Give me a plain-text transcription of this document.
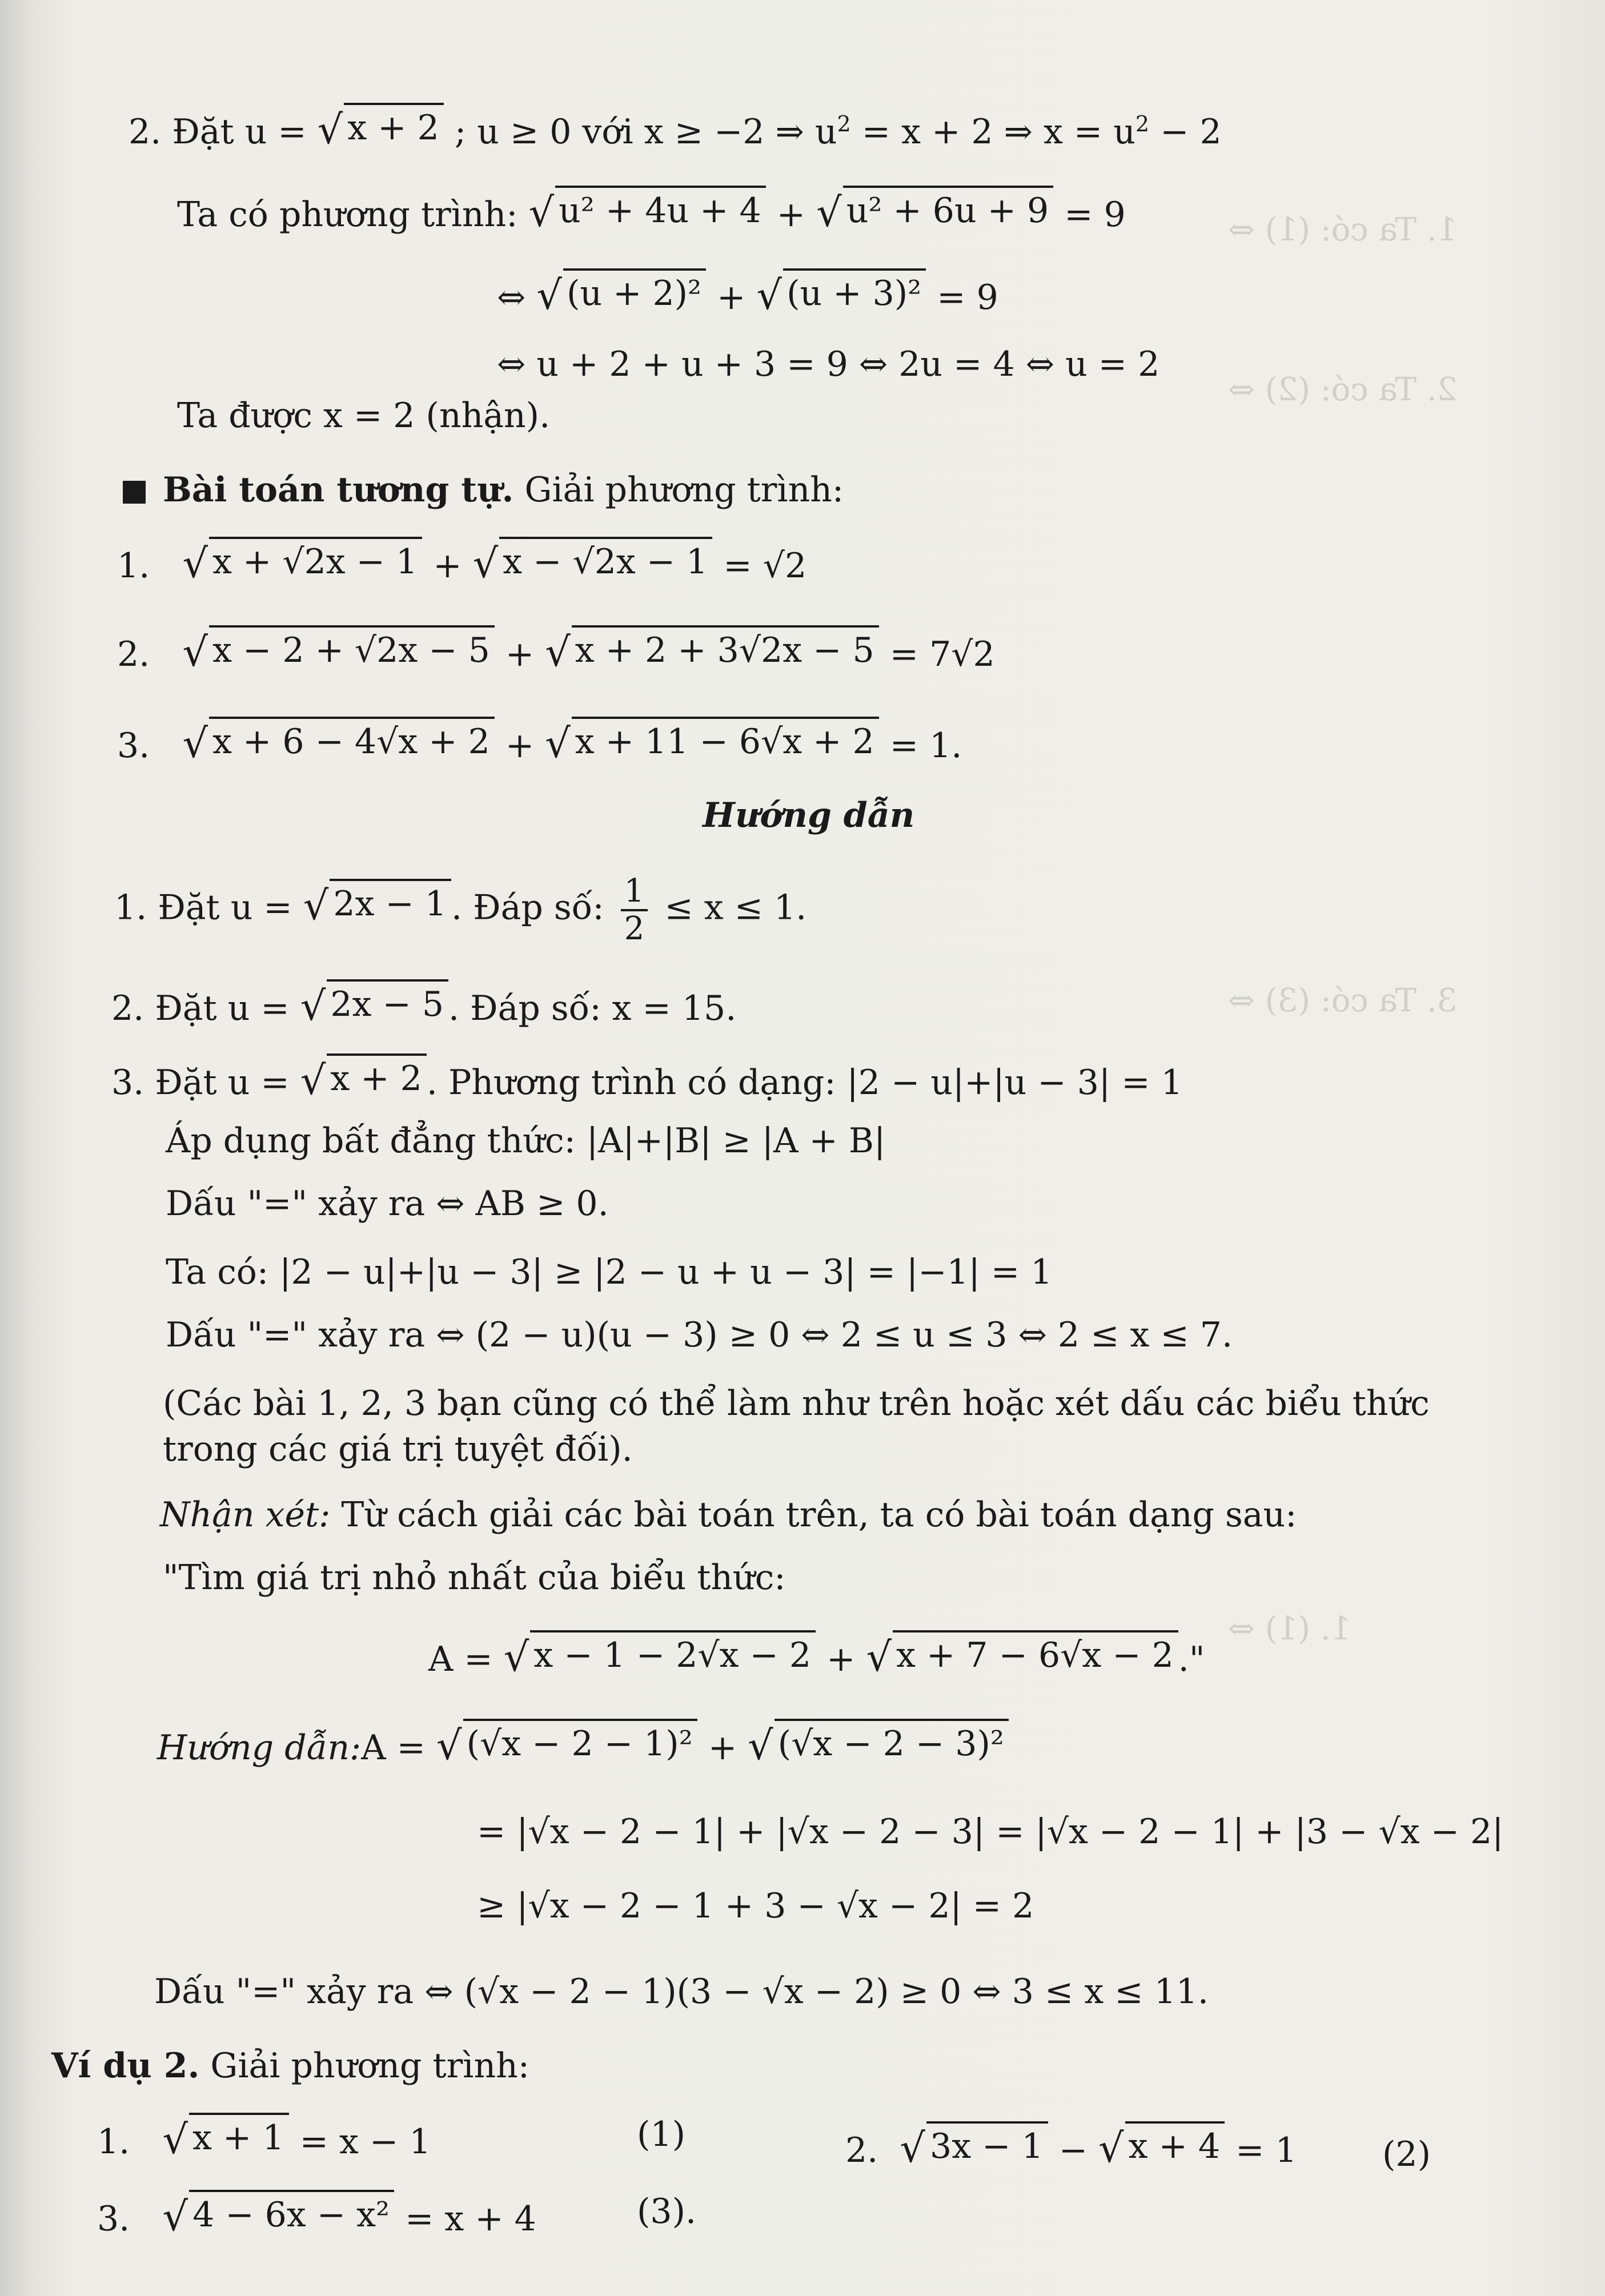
1. Ta có: (1) ⇔
2. Ta có: (2) ⇔
3. Ta có: (3) ⇔
1. (1) ⇔
2. Đặt u = √ x + 2 ; u ≥ 0 với x ≥ −2 ⇒ $u^2 = x + 2$ ⇒ $x = u^2 - 2$
Ta có phương trình: √ u² + 4u + 4 + √ u² + 6u + 9 = 9
⇔ √ (u + 2)² + √ (u + 3)² = 9
⇔ u + 2 + u + 3 = 9 ⇔ 2u = 4 ⇔ u = 2
Ta được x = 2 (nhận).
Bài toán tương tự. Giải phương trình:
1. √ x + √2x − 1 + √ x − √2x − 1 = √2
2. √ x − 2 + √2x − 5 + √ x + 2 + 3√2x − 5 = 7√2
3. √ x + 6 − 4√x + 2 + √ x + 11 − 6√x + 2 = 1.
Hướng dẫn
1. Đặt u = √ 2x − 1 . Đáp số: $\frac{1}{2} \le x \le 1$.
2. Đặt u = √ 2x − 5 . Đáp số: x = 15.
3. Đặt u = √ x + 2 . Phương trình có dạng: |2 − u|+|u − 3| = 1
Áp dụng bất đẳng thức: |A|+|B| ≥ |A + B|
Dấu "=" xảy ra ⇔ AB ≥ 0.
Ta có: |2 − u|+|u − 3| ≥ |2 − u + u − 3| = |−1| = 1
Dấu "=" xảy ra ⇔ (2 − u)(u − 3) ≥ 0 ⇔ 2 ≤ u ≤ 3 ⇔ 2 ≤ x ≤ 7.
(Các bài 1, 2, 3 bạn cũng có thể làm như trên hoặc xét dấu các biểu thức
trong các giá trị tuyệt đối).
Nhận xét: Từ cách giải các bài toán trên, ta có bài toán dạng sau:
"Tìm giá trị nhỏ nhất của biểu thức:
A = √ x − 1 − 2√x − 2 + √ x + 7 − 6√x − 2 ."
Hướng dẫn:A = √ (√x − 2 − 1)² + √ (√x − 2 − 3)²
= |√x − 2 − 1| + |√x − 2 − 3| = |√x − 2 − 1| + |3 − √x − 2|
≥ |√x − 2 − 1 + 3 − √x − 2| = 2
Dấu "=" xảy ra ⇔ (√x − 2 − 1)(3 − √x − 2) ≥ 0 ⇔ 3 ≤ x ≤ 11.
Ví dụ 2. Giải phương trình:
1. √ x + 1 = x − 1	(1)	2. √ 3x − 1 − √ x + 4 = 1 (2)
3. √ 4 − 6x − x² = x + 4	(3).
